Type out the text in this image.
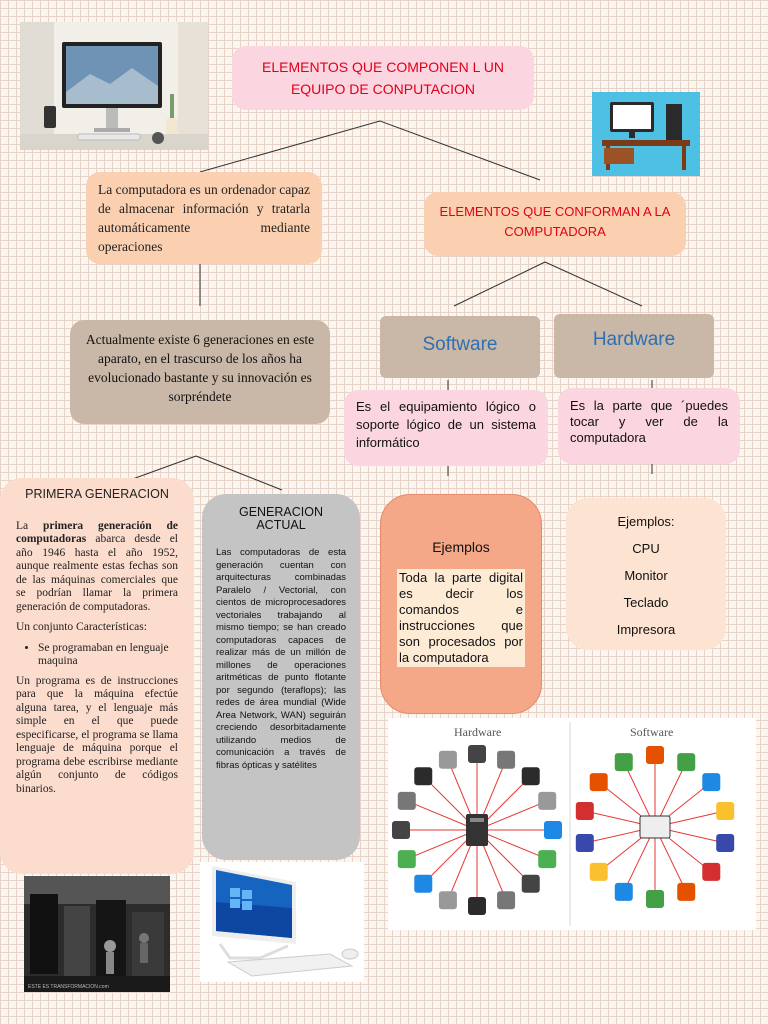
ESTE ES TRANSFORMACION.com
Hardware	Software
ELEMENTOS QUE COMPONEN L UN EQUIPO DE CONPUTACION
La computadora es un ordenador capaz de almacenar información y tratarla automáticamente mediante operaciones
ELEMENTOS QUE CONFORMAN A LA COMPUTADORA
Actualmente existe 6 generaciones en este aparato, en el trascurso de los años ha evolucionado bastante y su innovación es sorpréndete
Software	Hardware
Es el equipamiento lógico o soporte lógico de un sistema informático
Es la parte que ´puedes tocar y ver de la computadora
PRIMERA GENERACION

La primera generación de computadoras abarca desde el año 1946 hasta el año 1952, aunque realmente estas fechas son de las máquinas comerciales que se podrían llamar la primera generación de computadoras.

Un conjunto Características:

• Se programaban en lenguaje maquina

Un programa es de instrucciones para que la máquina efectúe alguna tarea, y el lenguaje más simple en el que puede especificarse, el programa se llama lenguaje de máquina porque el programa debe escribirse mediante algún conjunto de códigos binarios.

GENERACION ACTUAL
Las computadoras de esta generación cuentan con arquitecturas combinadas Paralelo / Vectorial, con cientos de microprocesadores vectoriales trabajando al mismo tiempo; se han creado computadoras capaces de realizar más de un millón de millones de operaciones aritméticas de punto flotante por segundo (teraflops); las redes de área mundial (Wide Area Network, WAN) seguirán creciendo desorbitadamente utilizando medios de comunicación a través de fibras ópticas y satélites
Ejemplos
Toda la parte digital es decir los comandos e instrucciones que son procesados por la computadora
Ejemplos:
CPU
Monitor
Teclado
Impresora
